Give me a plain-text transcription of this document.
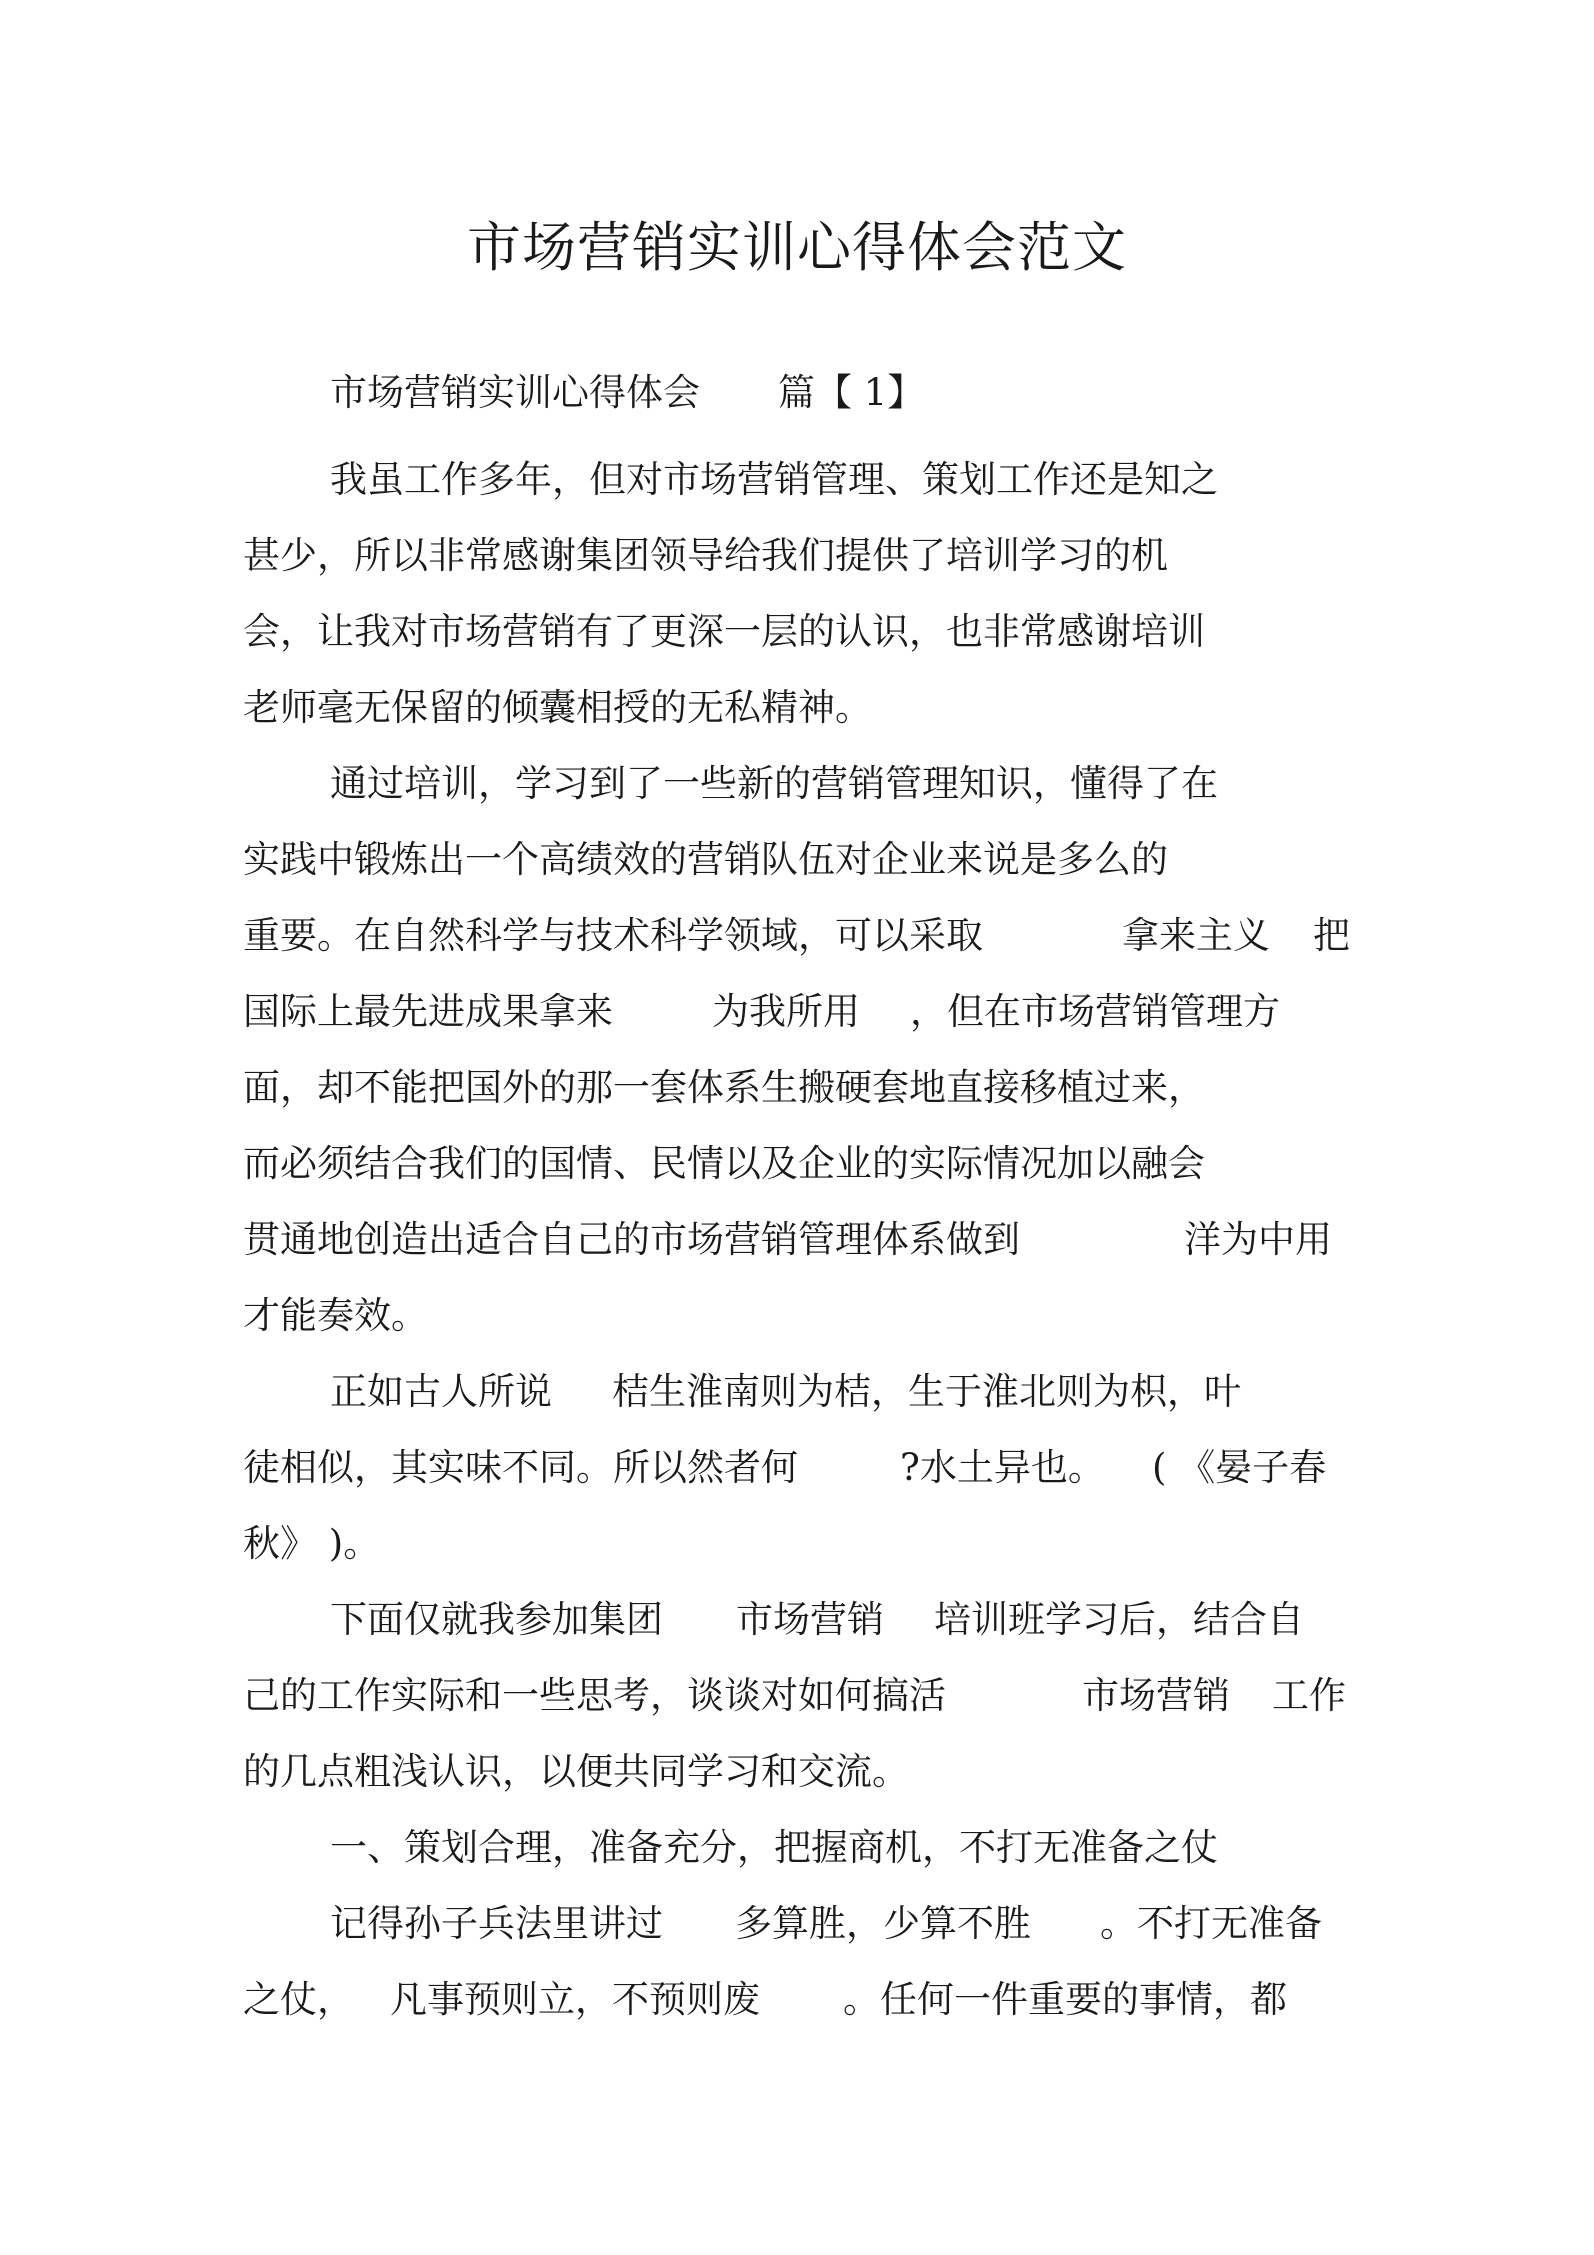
市场营销实训心得体会范文

市场营销实训心得体会

篇【 1】

我虽工作多年，但对市场营销管理、策划工作还是知之

甚少，所以非常感谢集团领导给我们提供了培训学习的机

会，让我对市场营销有了更深一层的认识，也非常感谢培训

老师毫无保留的倾囊相授的无私精神。

通过培训，学习到了一些新的营销管理知识，懂得了在

实践中锻炼出一个高绩效的营销队伍对企业来说是多么的

重要。在自然科学与技术科学领域，可以采取

	拿来主义

把

国际上最先进成果拿来

	为我所用

，但在市场营销管理方

面，却不能把国外的那一套体系生搬硬套地直接移植过来，

而必须结合我们的国情、民情以及企业的实际情况加以融会

贯通地创造出适合自己的市场营销管理体系做到

	洋为中用

才能奏效。

正如古人所说

桔生淮南则为桔，生于淮北则为枳，叶

徒相似，其实味不同。所以然者何

	?水土异也。

( 《晏子春

秋》 )。

下面仅就我参加集团

市场营销

培训班学习后，结合自

己的工作实际和一些思考，谈谈对如何搞活

	市场营销

工作

的几点粗浅认识，以便共同学习和交流。

一、策划合理，准备充分，把握商机，不打无准备之仗

记得孙子兵法里讲过

多算胜，少算不胜

。不打无准备

之仗，

凡事预则立，不预则废

。任何一件重要的事情，都
